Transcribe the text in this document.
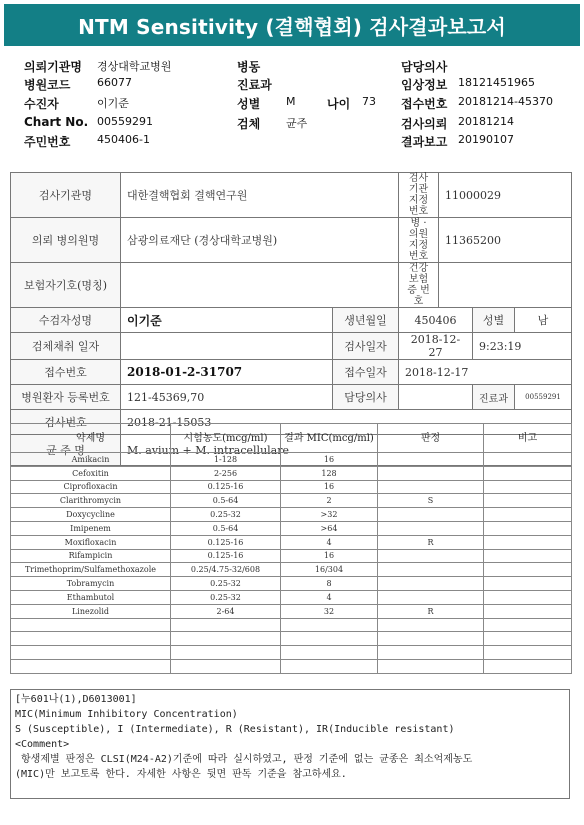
NTM Sensitivity (결핵협회) 검사결과보고서
의뢰기관명 경상대학교병원
병원코드 66077
수진자	이기준
Chart No. 00559291
주민번호 450406-1
병동
진료과
성별 M	나이 73
검체 균주
담당의사
임상정보 18121451965
접수번호 20181214-45370
검사의뢰 20181214
결과보고 20190107
검사기관명	대한결핵협회 결핵연구원		검사기관 지정번호	11000029		
의뢰 병의원명	삼광의료재단 (경상대학교병원)		병 · 의원 지정번호	11365200		
보험자기호(명칭)			건강보험 증 번 호			
수검자성명	이기준	생년월일	450406		성별	남
검체채취 일자		검사일자	2018-12-27		9:23:19	
접수번호	2018-01-2-31707	접수일자	2018-12-17			
병원환자 등록번호	121-45369,70	담당의사			진료과	00559291
검사번호	2018-21-15053					
균 주 명	M. avium + M. intracellulare					
약제명	시험농도(mcg/ml)	결과 MIC(mcg/ml)	판정	비고
Amikacin	1-128	16		
Cefoxitin	2-256	128		
Ciprofloxacin	0.125-16	16		
Clarithromycin	0.5-64	2	S	
Doxycycline	0.25-32	>32		
Imipenem	0.5-64	>64		
Moxifloxacin	0.125-16	4	R	
Rifampicin	0.125-16	16		
Trimethoprim/Sulfamethoxazole	0.25/4.75-32/608	16/304		
Tobramycin	0.25-32	8		
Ethambutol	0.25-32	4		
Linezolid	2-64	32	R	

[누601나(1),D6013001]
MIC(Minimum Inhibitory Concentration)
S (Susceptible), I (Intermediate), R (Resistant), IR(Inducible resistant)
<Comment>
항생제별 판정은 CLSI(M24-A2)기준에 따라 실시하였고, 판정 기준에 없는 균종은 최소억제농도
(MIC)만 보고토록 한다. 자세한 사항은 뒷면 판독 기준을 참고하세요.
